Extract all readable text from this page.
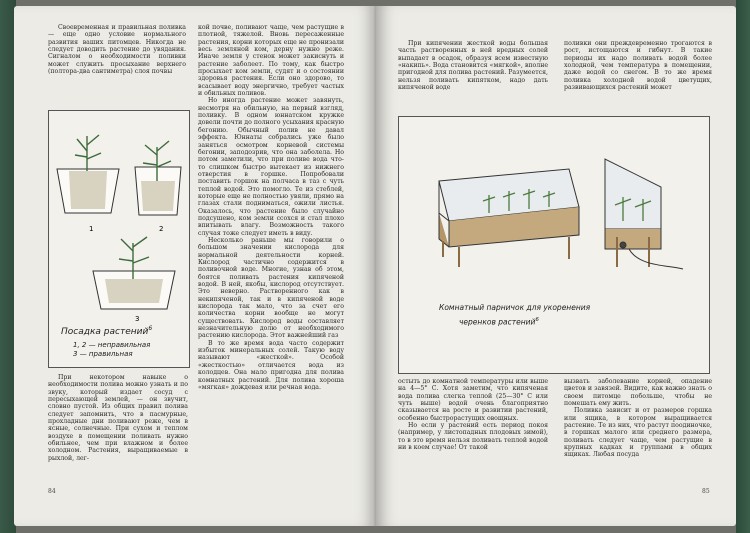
Своевременная и правильная поливка — еще одно условие нормального развития ваших питомцев. Никогда не следует доводить растение до увядания. Сигналом о необходимости поливки может служить просыхание верхнего (полтора-два сантиметра) слоя почвы

1	2
3
Посадка растений$^6$
1, 2 — неправильная
3 — правильная

При некотором навыке о необходимости полива можно узнать и по звуку, который издает сосуд с пересыхающей землей, — он звучит, словно пустой. Из общих правил полива следует запомнить, что в пасмурные, прохладные дни поливают реже, чем в ясные, солнечные. При сухом и теплом воздухе в помещении поливать нужно обильнее, чем при влажном и более холодном. Растения, выращиваемые в рыхлой, лег-

кой почве, поливают чаще, чем растущие в плотной, тяжелой. Вновь пересаженные растения, корни которых еще не пронизали весь земляной ком, дерну нужно реже. Иначе земля у стенок может закиснуть и растение заболеет. По тому, как быстро просыхает ком земли, судят и о состоянии здоровья растения. Если оно здорово, то всасывает воду энергично, требует частых и обильных поливов.

Но иногда растение может завянуть, несмотря на обильную, на первый взгляд, поливку. В одном юннатском кружке довели почти до полного усыхания красную бегонию. Обычный полив не давал эффекта. Юннаты собрались уже было заняться осмотром корневой системы бегонии, заподозрив, что она заболела. Но потом заметили, что при поливе вода что-то слишком быстро вытекает из нижнего отверстия в горшке. Попробовали поставить горшок на полчаса в таз с чуть теплой водой. Это помогло. Те из стеблей, которые еще не полностью увяли, прямо на глазах стали подниматься, ожили листья. Оказалось, что растение было случайно подсушено, ком земли ссохся и стал плохо впитывать влагу. Возможность такого случая тоже следует иметь в виду.

Несколько раньше мы говорили о большом значении кислорода для нормальной деятельности корней. Кислород частично содержится в поливочной воде. Многие, узнав об этом, боятся поливать растения кипяченой водой. В ней, якобы, кислород отсутствует. Это неверно. Растворенного как в некипяченой, так и в кипяченой воде кислорода так мало, что за счет его количества корни вообще не могут существовать. Кислород воды составляет незначительную долю от необходимого растению кислорода. Этот важнейший газ

В то же время вода часто содержит избыток минеральных солей. Такую воду называют «жесткой». Особой «жесткостью» отличается вода из колодцев. Она мало пригодна для полива комнатных растений. Для полива хороша «мягкая» дождевая или речная вода.

84

При кипячении жесткой воды большая часть растворенных в ней вредных солей выпадает в осадок, образуя всем известную «накипь». Вода становится «мягкой», вполне пригодной для полива растений. Разумеется, нельзя поливать кипятком, надо дать кипяченой воде

поливки они преждевременно трогаются в рост, истощаются и гибнут. В такие периоды их надо поливать водой более холодной, чем температура в помещении, даже водой со снегом. В то же время поливка холодной водой цветущих, развивающихся растений может

Комнатный парничок для укоренения
черенков растений$^6$

остыть до комнатной температуры или выше на 4—5° С. Хотя заметим, что кипяченая вода полива слегка теплой (25—30° С или чуть выше) водой очень благоприятно сказывается на росте и развитии растений, особенно быстрорастущих овощных.

Но если у растений есть период покоя (например, у листопадных плодовых зимой), то в это время нельзя поливать теплой водой ни в коем случае! От такой

вызвать заболевание корней, опадение цветов и завязей. Видите, как важно знать о своем питомце побольше, чтобы не помешать ему жить.

Поливка зависит и от размеров горшка или ящика, в котором выращивается растение. Те из них, что растут поодиночке, в горшках малого или среднего размера, поливать следует чаще, чем растущие в крупных кадках и группами в общих ящиках. Любая посуда

85
